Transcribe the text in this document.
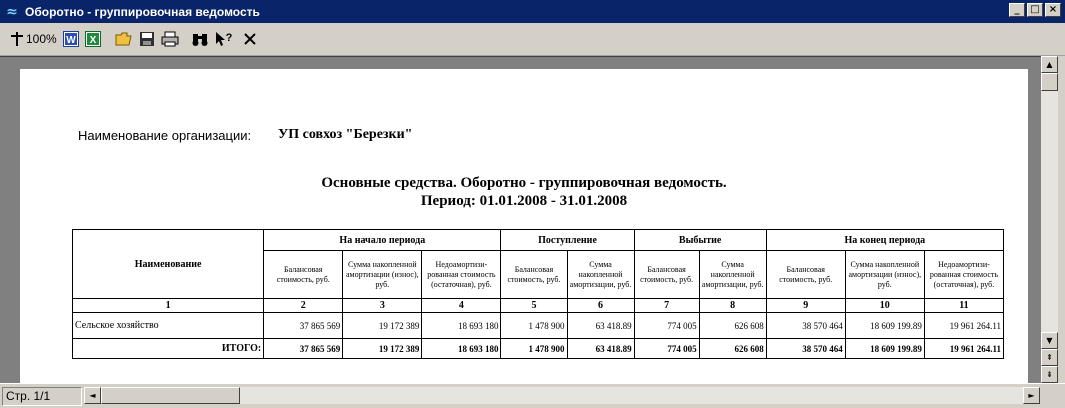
≈ Оборотно - группировочная ведомость	_	□ ×
100% W X	?
Наименование организации: УП совхоз "Березки"
Основные средства. Оборотно - группировочная ведомость.
Период: 01.01.2008 - 31.01.2008
Наименование	На начало периода			Поступление		Выбытие		На конец периода		
	Балансовая стоимость, руб.	Сумма накопленной амортизации (износ), руб.	Недоамортизи-рованная стоимость (остаточная), руб.	Балансовая стоимость, руб.	Сумма накопленной амортизации, руб.	Балансовая стоимость, руб.	Сумма накопленной амортизации, руб.	Балансовая стоимость, руб.	Сумма накопленной амортизации (износ), руб.	Недоамортизи-рованная стоимость (остаточная), руб.
1	2	3	4	5	6	7	8	9	10	11
Сельское хозяйство	37 865 569	19 172 389	18 693 180	1 478 900	63 418.89	774 005	626 608	38 570 464	18 609 199.89	19 961 264.11
ИТОГО:	37 865 569	19 172 389	18 693 180	1 478 900	63 418.89	774 005	626 608	38 570 464	18 609 199.89	19 961 264.11
▲
▼
⇞
⇟
Стр. 1/1	◄	►
